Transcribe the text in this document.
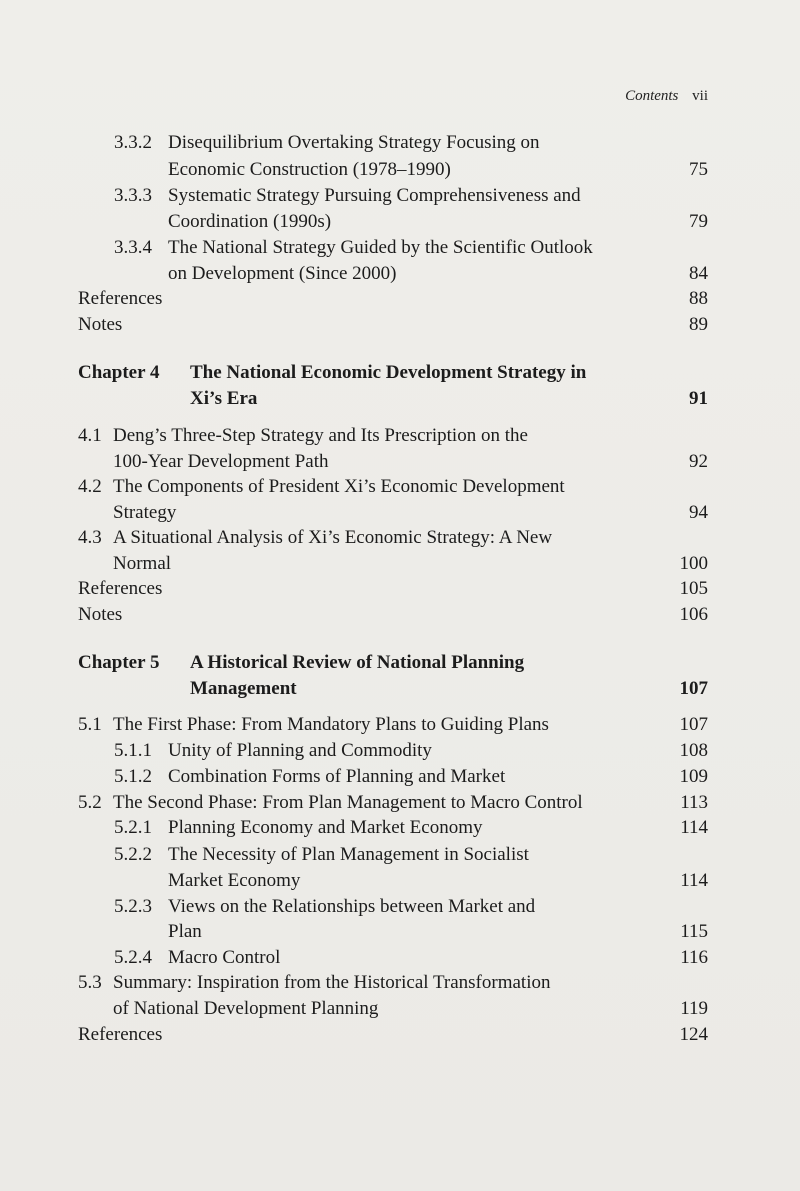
Contents vii
3.3.2 Disequilibrium Overtaking Strategy Focusing on
Economic Construction (1978–1990)	75
3.3.3 Systematic Strategy Pursuing Comprehensiveness and
Coordination (1990s)	79
3.3.4 The National Strategy Guided by the Scientific Outlook
on Development (Since 2000)	84
References	88
Notes	89
Chapter 4 The National Economic Development Strategy in
Xi’s Era	91
4.1 Deng’s Three-Step Strategy and Its Prescription on the
100-Year Development Path	92
4.2 The Components of President Xi’s Economic Development
Strategy	94
4.3 A Situational Analysis of Xi’s Economic Strategy: A New
Normal	100
References	105
Notes	106
Chapter 5 A Historical Review of National Planning
Management	107
5.1 The First Phase: From Mandatory Plans to Guiding Plans	107
5.1.1 Unity of Planning and Commodity	108
5.1.2 Combination Forms of Planning and Market	109
5.2 The Second Phase: From Plan Management to Macro Control	113
5.2.1 Planning Economy and Market Economy	114
5.2.2 The Necessity of Plan Management in Socialist
Market Economy	114
5.2.3 Views on the Relationships between Market and
Plan	115
5.2.4 Macro Control	116
5.3 Summary: Inspiration from the Historical Transformation
of National Development Planning	119
References	124
